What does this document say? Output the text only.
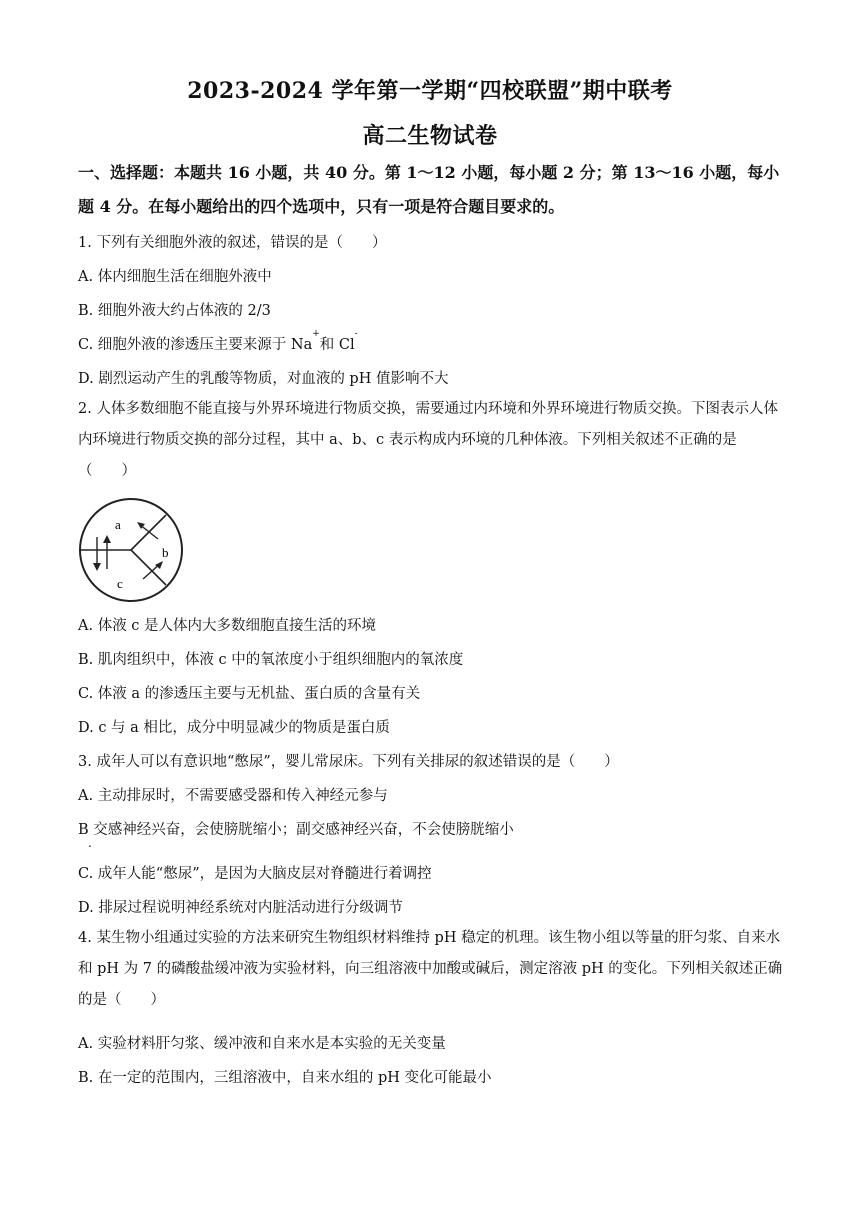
2023-2024 学年第一学期“四校联盟”期中联考
高二生物试卷
一、选择题：本题共 16 小题，共 40 分。第 1～12 小题，每小题 2 分；第 13～16 小题，每小题 4 分。在每小题给出的四个选项中，只有一项是符合题目要求的。
1. 下列有关细胞外液的叙述，错误的是（　　）
A. 体内细胞生活在细胞外液中
B. 细胞外液大约占体液的 2/3
C. 细胞外液的渗透压主要来源于 Na+和 Cl-
D. 剧烈运动产生的乳酸等物质，对血液的 pH 值影响不大
2. 人体多数细胞不能直接与外界环境进行物质交换，需要通过内环境和外界环境进行物质交换。下图表示人体内环境进行物质交换的部分过程，其中 a、b、c 表示构成内环境的几种体液。下列相关叙述不正确的是（　　）
a
b
c
A. 体液 c 是人体内大多数细胞直接生活的环境
B. 肌肉组织中，体液 c 中的氧浓度小于组织细胞内的氧浓度
C. 体液 a 的渗透压主要与无机盐、蛋白质的含量有关
D. c 与 a 相比，成分中明显减少的物质是蛋白质
3. 成年人可以有意识地“憋尿”，婴儿常尿床。下列有关排尿的叙述错误的是（　　）
A. 主动排尿时，不需要感受器和传入神经元参与
B 交感神经兴奋，会使膀胱缩小；副交感神经兴奋，不会使膀胱缩小
.
C. 成年人能“憋尿”，是因为大脑皮层对脊髓进行着调控
D. 排尿过程说明神经系统对内脏活动进行分级调节
4. 某生物小组通过实验的方法来研究生物组织材料维持 pH 稳定的机理。该生物小组以等量的肝匀浆、自来水和 pH 为 7 的磷酸盐缓冲液为实验材料，向三组溶液中加酸或碱后，测定溶液 pH 的变化。下列相关叙述正确的是（　　）
A. 实验材料肝匀浆、缓冲液和自来水是本实验的无关变量
B. 在一定的范围内，三组溶液中，自来水组的 pH 变化可能最小
